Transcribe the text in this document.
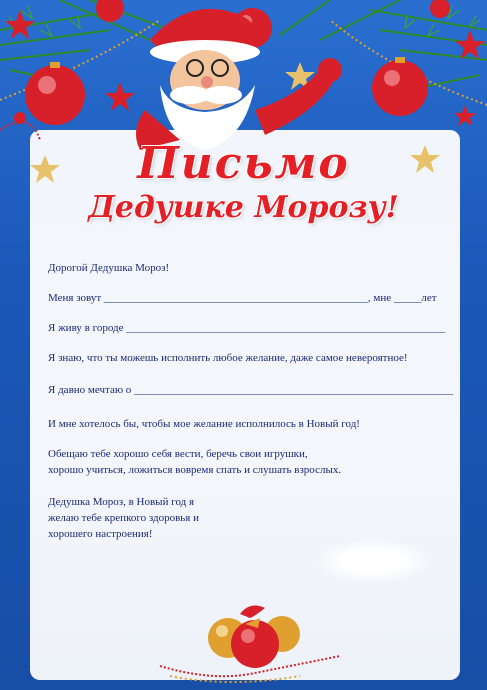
Письмо
Дедушке Морозу!
Дорогой Дедушка Мороз!
Меня зовут ________________________________________________, мне _____лет
Я живу в городе __________________________________________________________
Я знаю, что ты можешь исполнить любое желание, даже самое невероятное!
Я давно мечтаю о __________________________________________________________
И мне хотелось бы, чтобы мое желание исполнилось в Новый год!
Обещаю тебе хорошо себя вести, беречь свои игрушки,
хорошо учиться, ложиться вовремя спать и слушать взрослых.
Дедушка Мороз, в Новый год я
желаю тебе крепкого здоровья и
хорошего настроения!
